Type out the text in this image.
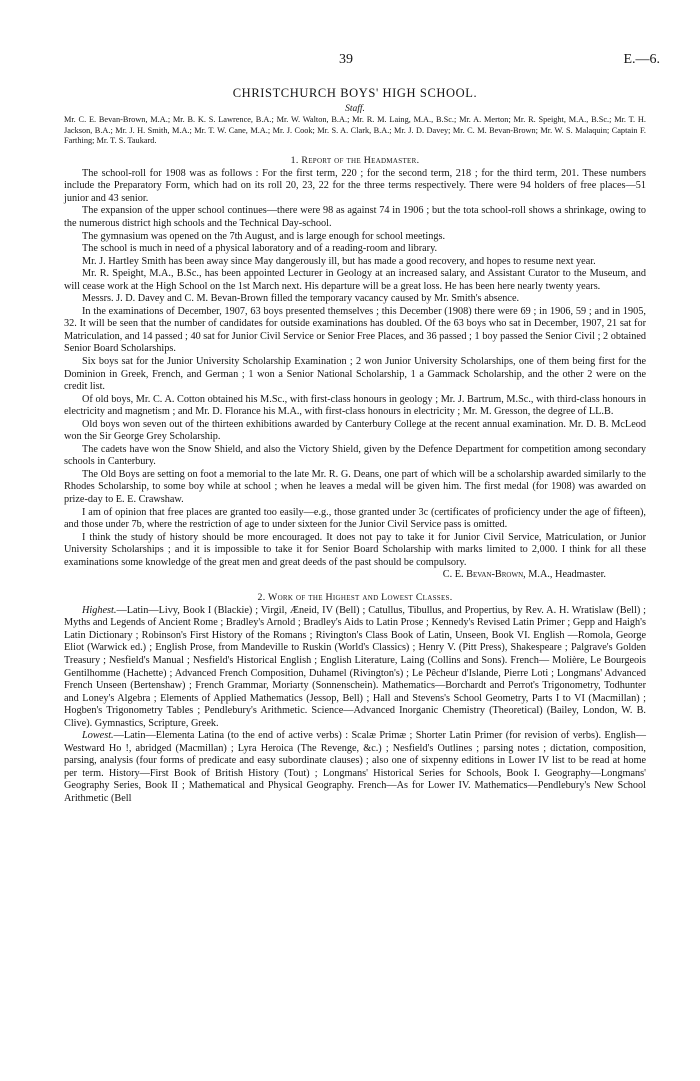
39	E.—6.
CHRISTCHURCH BOYS' HIGH SCHOOL.
Staff.
Mr. C. E. Bevan-Brown, M.A.; Mr. B. K. S. Lawrence, B.A.; Mr. W. Walton, B.A.; Mr. R. M. Laing, M.A., B.Sc.; Mr. A. Merton; Mr. R. Speight, M.A., B.Sc.; Mr. T. H. Jackson, B.A.; Mr. J. H. Smith, M.A.; Mr. T. W. Cane, M.A.; Mr. J. Cook; Mr. S. A. Clark, B.A.; Mr. J. D. Davey; Mr. C. M. Bevan-Brown; Mr. W. S. Malaquin; Captain F. Farthing; Mr. T. S. Taukard.
1. Report of the Headmaster.

The school-roll for 1908 was as follows : For the first term, 220 ; for the second term, 218 ; for the third term, 201. These numbers include the Preparatory Form, which had on its roll 20, 23, 22 for the three terms respectively. There were 94 holders of free places—51 junior and 43 senior.

The expansion of the upper school continues—there were 98 as against 74 in 1906 ; but the tota school-roll shows a shrinkage, owing to the numerous district high schools and the Technical Day-school.

The gymnasium was opened on the 7th August, and is large enough for school meetings.

The school is much in need of a physical laboratory and of a reading-room and library.

Mr. J. Hartley Smith has been away since May dangerously ill, but has made a good recovery, and hopes to resume next year.

Mr. R. Speight, M.A., B.Sc., has been appointed Lecturer in Geology at an increased salary, and Assistant Curator to the Museum, and will cease work at the High School on the 1st March next. His departure will be a great loss. He has been here nearly twenty years.

Messrs. J. D. Davey and C. M. Bevan-Brown filled the temporary vacancy caused by Mr. Smith's absence.

In the examinations of December, 1907, 63 boys presented themselves ; this December (1908) there were 69 ; in 1906, 59 ; and in 1905, 32. It will be seen that the number of candidates for outside examinations has doubled. Of the 63 boys who sat in December, 1907, 21 sat for Matriculation, and 14 passed ; 40 sat for Junior Civil Service or Senior Free Places, and 36 passed ; 1 boy passed the Senior Civil ; 2 obtained Senior Board Scholarships.

Six boys sat for the Junior University Scholarship Examination ; 2 won Junior University Scholarships, one of them being first for the Dominion in Greek, French, and German ; 1 won a Senior National Scholarship, 1 a Gammack Scholarship, and the other 2 were on the credit list.

Of old boys, Mr. C. A. Cotton obtained his M.Sc., with first-class honours in geology ; Mr. J. Bartrum, M.Sc., with third-class honours in electricity and magnetism ; and Mr. D. Florance his M.A., with first-class honours in electricity ; Mr. M. Gresson, the degree of LL.B.

Old boys won seven out of the thirteen exhibitions awarded by Canterbury College at the recent annual examination. Mr. D. B. McLeod won the Sir George Grey Scholarship.

The cadets have won the Snow Shield, and also the Victory Shield, given by the Defence Department for competition among secondary schools in Canterbury.

The Old Boys are setting on foot a memorial to the late Mr. R. G. Deans, one part of which will be a scholarship awarded similarly to the Rhodes Scholarship, to some boy while at school ; when he leaves a medal will be given him. The first medal (for 1908) was awarded on prize-day to E. E. Crawshaw.

I am of opinion that free places are granted too easily—e.g., those granted under 3c (certificates of proficiency under the age of fifteen), and those under 7b, where the restriction of age to under sixteen for the Junior Civil Service pass is omitted.

I think the study of history should be more encouraged. It does not pay to take it for Junior Civil Service, Matriculation, or Junior University Scholarships ; and it is impossible to take it for Senior Board Scholarship with marks limited to 2,000. I think for all these examinations some knowledge of the great men and great deeds of the past should be compulsory.

C. E. Bevan-Brown, M.A., Headmaster.
2. Work of the Highest and Lowest Classes.

Highest.—Latin—Livy, Book I (Blackie) ; Virgil, Æneid, IV (Bell) ; Catullus, Tibullus, and Propertius, by Rev. A. H. Wratislaw (Bell) ; Myths and Legends of Ancient Rome ; Bradley's Arnold ; Bradley's Aids to Latin Prose ; Kennedy's Revised Latin Primer ; Gepp and Haigh's Latin Dictionary ; Robinson's First History of the Romans ; Rivington's Class Book of Latin, Unseen, Book VI. English —Romola, George Eliot (Warwick ed.) ; English Prose, from Mandeville to Ruskin (World's Classics) ; Henry V. (Pitt Press), Shakespeare ; Palgrave's Golden Treasury ; Nesfield's Manual ; Nesfield's Historical English ; English Literature, Laing (Collins and Sons). French— Molière, Le Bourgeois Gentilhomme (Hachette) ; Advanced French Composition, Duhamel (Rivington's) ; Le Pêcheur d'Islande, Pierre Loti ; Longmans' Advanced French Unseen (Bertenshaw) ; French Grammar, Moriarty (Sonnenschein). Mathematics—Borchardt and Perrot's Trigonometry, Todhunter and Loney's Algebra ; Elements of Applied Mathematics (Jessop, Bell) ; Hall and Stevens's School Geometry, Parts I to VI (Macmillan) ; Hogben's Trigonometry Tables ; Pendlebury's Arithmetic. Science—Advanced Inorganic Chemistry (Theoretical) (Bailey, London, W. B. Clive). Gymnastics, Scripture, Greek.

Lowest.—Latin—Elementa Latina (to the end of active verbs) : Scalæ Primæ ; Shorter Latin Primer (for revision of verbs). English—Westward Ho !, abridged (Macmillan) ; Lyra Heroica (The Revenge, &c.) ; Nesfield's Outlines ; parsing notes ; dictation, composition, parsing, analysis (four forms of predicate and easy subordinate clauses) ; also one of sixpenny editions in Lower IV list to be read at home per term. History—First Book of British History (Tout) ; Longmans' Historical Series for Schools, Book I. Geography—Longmans' Geography Series, Book II ; Mathematical and Physical Geography. French—As for Lower IV. Mathematics—Pendlebury's New School Arithmetic (Bell
